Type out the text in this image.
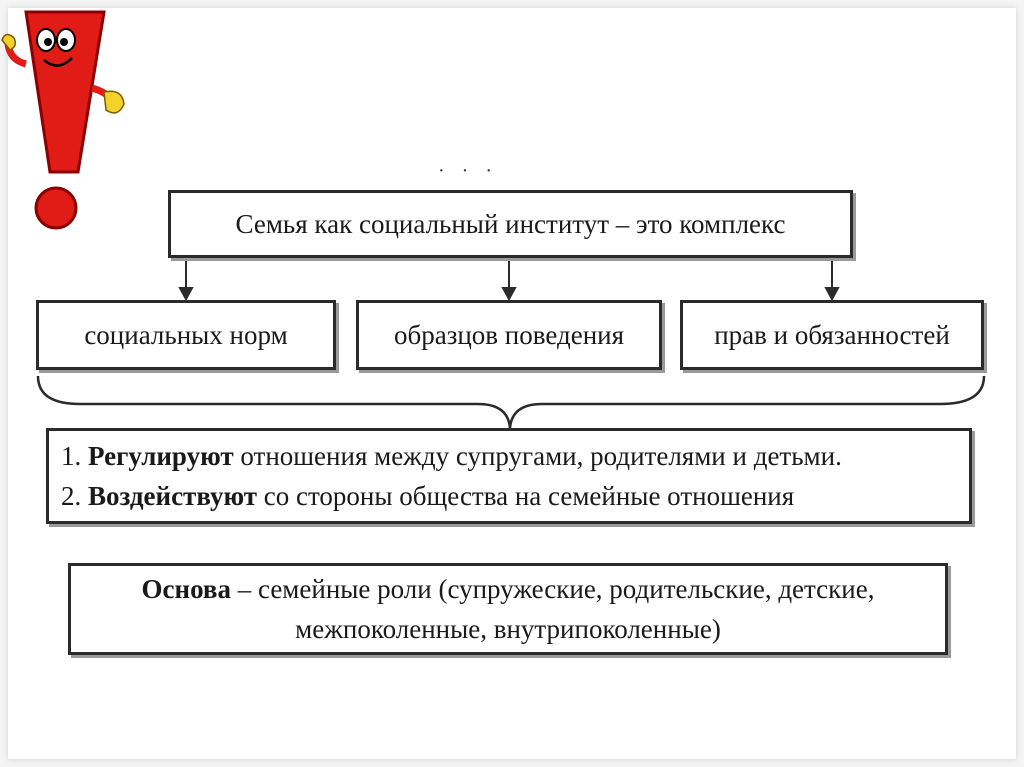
· · ·
Семья как социальный институт – это комплекс
социальных норм	образцов поведения	прав и обязанностей
1. Регулируют отношения между супругами, родителями и детьми.
2. Воздействуют со стороны общества на семейные отношения
Основа – семейные роли (супружеские, родительские, детские,
межпоколенные, внутрипоколенные)
